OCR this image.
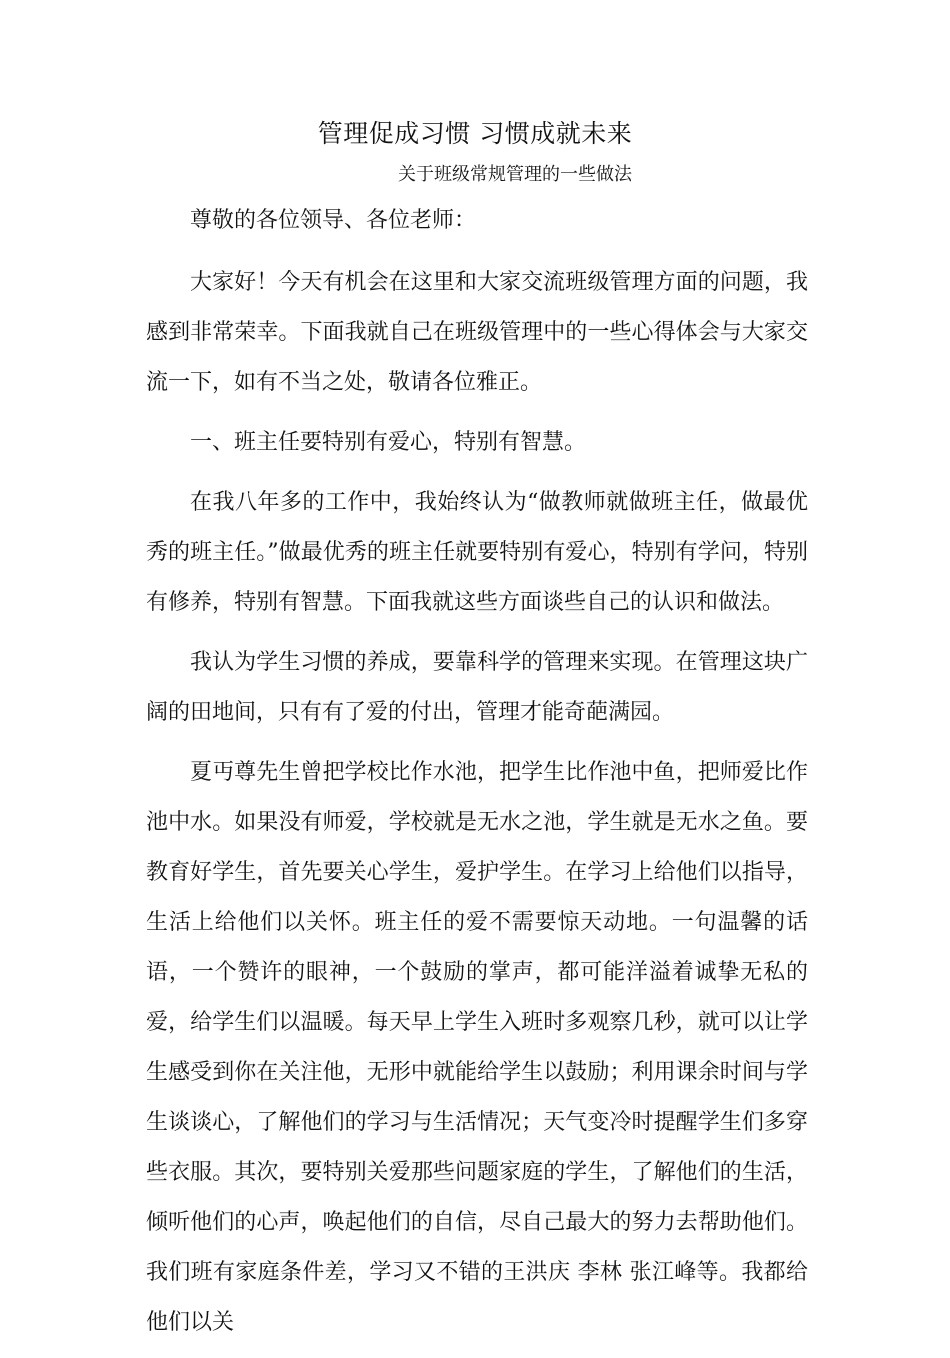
管理促成习惯 习惯成就未来
关于班级常规管理的一些做法

尊敬的各位领导、各位老师：

大家好！今天有机会在这里和大家交流班级管理方面的问题，我感到非常荣幸。下面我就自己在班级管理中的一些心得体会与大家交流一下，如有不当之处，敬请各位雅正。

一、班主任要特别有爱心，特别有智慧。

在我八年多的工作中，我始终认为“做教师就做班主任，做最优秀的班主任。”做最优秀的班主任就要特别有爱心，特别有学问，特别有修养，特别有智慧。下面我就这些方面谈些自己的认识和做法。

我认为学生习惯的养成，要靠科学的管理来实现。在管理这块广阔的田地间，只有有了爱的付出，管理才能奇葩满园。

夏丏尊先生曾把学校比作水池，把学生比作池中鱼，把师爱比作池中水。如果没有师爱，学校就是无水之池，学生就是无水之鱼。要教育好学生，首先要关心学生，爱护学生。在学习上给他们以指导，生活上给他们以关怀。班主任的爱不需要惊天动地。一句温馨的话语，一个赞许的眼神，一个鼓励的掌声，都可能洋溢着诚挚无私的爱，给学生们以温暖。每天早上学生入班时多观察几秒，就可以让学生感受到你在关注他，无形中就能给学生以鼓励；利用课余时间与学生谈谈心，了解他们的学习与生活情况；天气变冷时提醒学生们多穿些衣服。其次，要特别关爱那些问题家庭的学生，了解他们的生活，倾听他们的心声，唤起他们的自信，尽自己最大的努力去帮助他们。我们班有家庭条件差，学习又不错的王洪庆 李林 张江峰等。我都给他们以关
